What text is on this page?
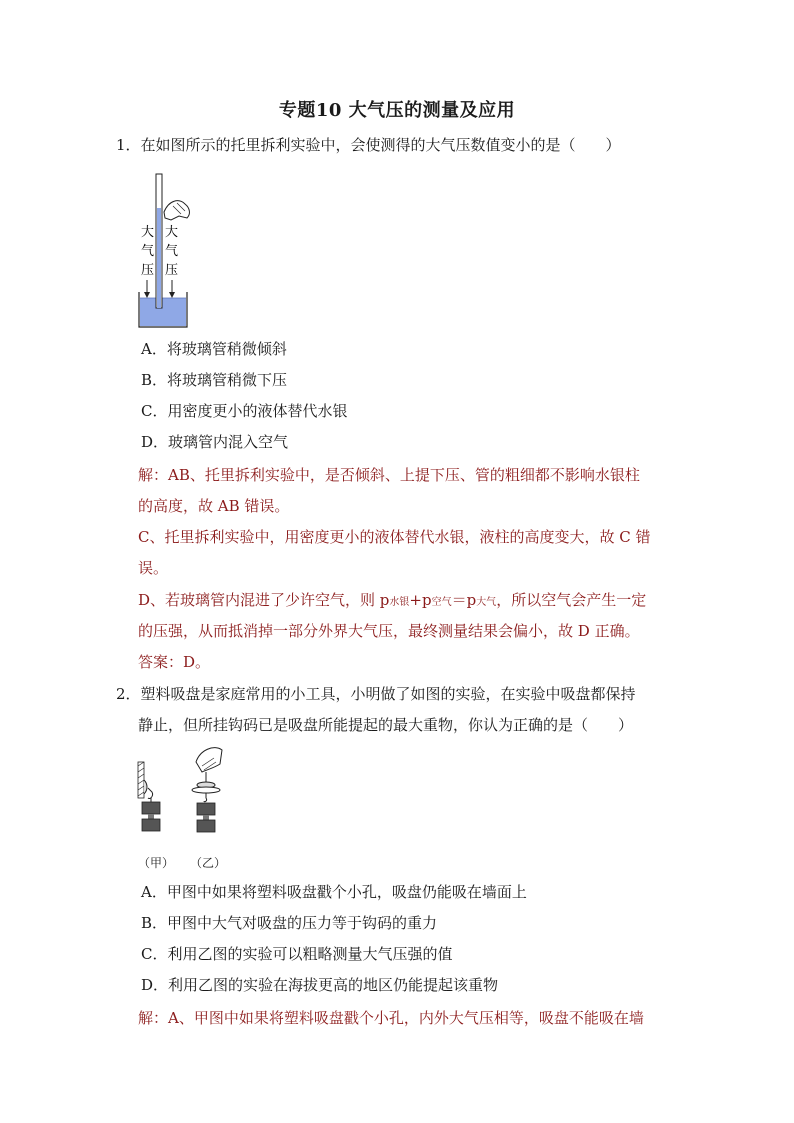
专题10 大气压的测量及应用
1．在如图所示的托里拆利实验中，会使测得的大气压数值变小的是（　　）
大气压
大气压
A．将玻璃管稍微倾斜
B．将玻璃管稍微下压
C．用密度更小的液体替代水银
D．玻璃管内混入空气
解：AB、托里拆利实验中，是否倾斜、上提下压、管的粗细都不影响水银柱
的高度，故 AB 错误。
C、托里拆利实验中，用密度更小的液体替代水银，液柱的高度变大，故 C 错
误。
D、若玻璃管内混进了少许空气，则 p水银+p空气＝p大气，所以空气会产生一定
的压强，从而抵消掉一部分外界大气压，最终测量结果会偏小，故 D 正确。
答案：D。
2．塑料吸盘是家庭常用的小工具，小明做了如图的实验，在实验中吸盘都保持
静止，但所挂钩码已是吸盘所能提起的最大重物，你认为正确的是（　　）
（甲） （乙）
A．甲图中如果将塑料吸盘戳个小孔，吸盘仍能吸在墙面上
B．甲图中大气对吸盘的压力等于钩码的重力
C．利用乙图的实验可以粗略测量大气压强的值
D．利用乙图的实验在海拔更高的地区仍能提起该重物
解：A、甲图中如果将塑料吸盘戳个小孔，内外大气压相等，吸盘不能吸在墙
